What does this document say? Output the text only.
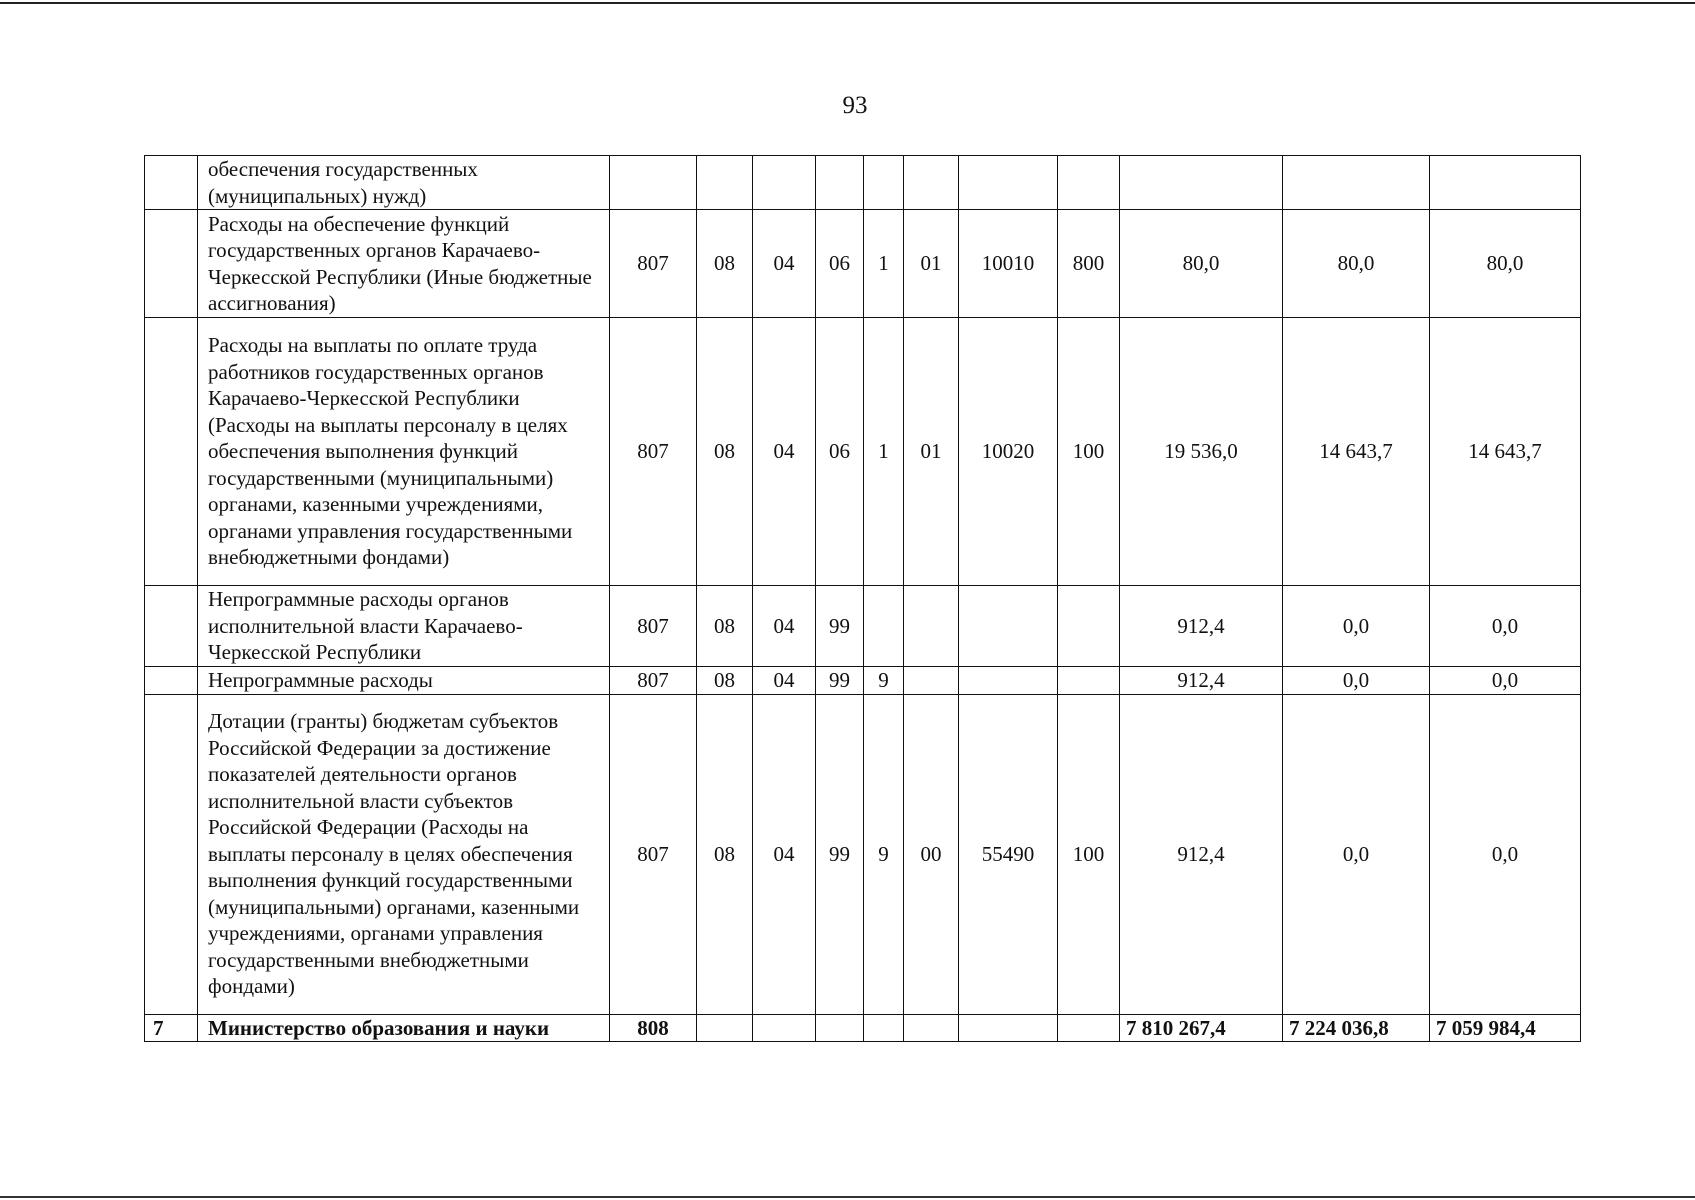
93
	обеспечения государственных (муниципальных) нужд)											
	Расходы на обеспечение функций государственных органов Карачаево-Черкесской Республики (Иные бюджетные ассигнования)	807	08	04	06	1	01	10010	800	80,0	80,0	80,0
	Расходы на выплаты по оплате труда работников государственных органов Карачаево-Черкесской Республики (Расходы на выплаты персоналу в целях обеспечения выполнения функций государственными (муниципальными) органами, казенными учреждениями, органами управления государственными внебюджетными фондами)	807	08	04	06	1	01	10020	100	19 536,0	14 643,7	14 643,7
	Непрограммные расходы органов исполнительной власти Карачаево-Черкесской Республики	807	08	04	99					912,4	0,0	0,0
	Непрограммные расходы	807	08	04	99	9				912,4	0,0	0,0
	Дотации (гранты) бюджетам субъектов Российской Федерации за достижение показателей деятельности органов исполнительной власти субъектов Российской Федерации (Расходы на выплаты персоналу в целях обеспечения выполнения функций государственными (муниципальными) органами, казенными учреждениями, органами управления государственными внебюджетными фондами)	807	08	04	99	9	00	55490	100	912,4	0,0	0,0
7	Министерство образования и науки	808								7 810 267,4	7 224 036,8	7 059 984,4
